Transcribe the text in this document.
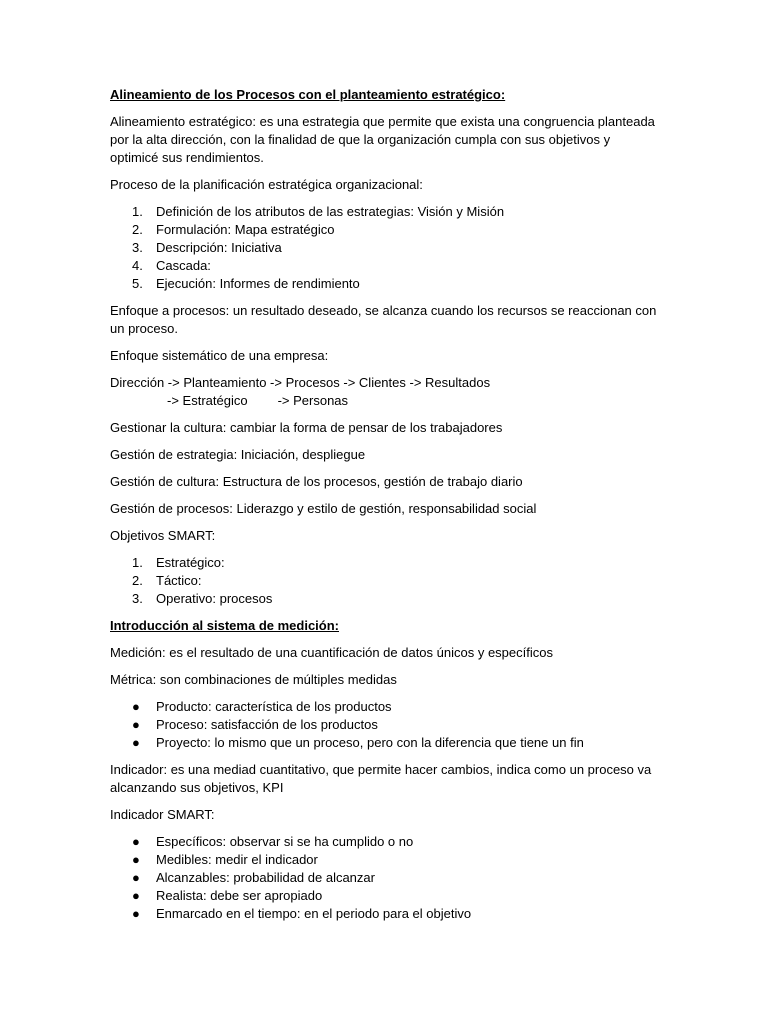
Alineamiento de los Procesos con el planteamiento estratégico:
Alineamiento estratégico: es una estrategia que permite que exista una congruencia planteada
por la alta dirección, con la finalidad de que la organización cumpla con sus objetivos y
optimicé sus rendimientos.
Proceso de la planificación estratégica organizacional:
1.	Definición de los atributos de las estrategias: Visión y Misión
2.	Formulación: Mapa estratégico
3.	Descripción: Iniciativa
4.	Cascada:
5.	Ejecución: Informes de rendimiento
Enfoque a procesos: un resultado deseado, se alcanza cuando los recursos se reaccionan con
un proceso.
Enfoque sistemático de una empresa:
Dirección -> Planteamiento -> Procesos -> Clientes -> Resultados
-> Estratégico -> Personas
Gestionar la cultura: cambiar la forma de pensar de los trabajadores
Gestión de estrategia: Iniciación, despliegue
Gestión de cultura: Estructura de los procesos, gestión de trabajo diario
Gestión de procesos: Liderazgo y estilo de gestión, responsabilidad social
Objetivos SMART:
1.	Estratégico:
2.	Táctico:
3.	Operativo: procesos
Introducción al sistema de medición:
Medición: es el resultado de una cuantificación de datos únicos y específicos
Métrica: son combinaciones de múltiples medidas
● Producto: característica de los productos
● Proceso: satisfacción de los productos
● Proyecto: lo mismo que un proceso, pero con la diferencia que tiene un fin
Indicador: es una mediad cuantitativo, que permite hacer cambios, indica como un proceso va
alcanzando sus objetivos, KPI
Indicador SMART:
● Específicos: observar si se ha cumplido o no
● Medibles: medir el indicador
● Alcanzables: probabilidad de alcanzar
● Realista: debe ser apropiado
● Enmarcado en el tiempo: en el periodo para el objetivo
